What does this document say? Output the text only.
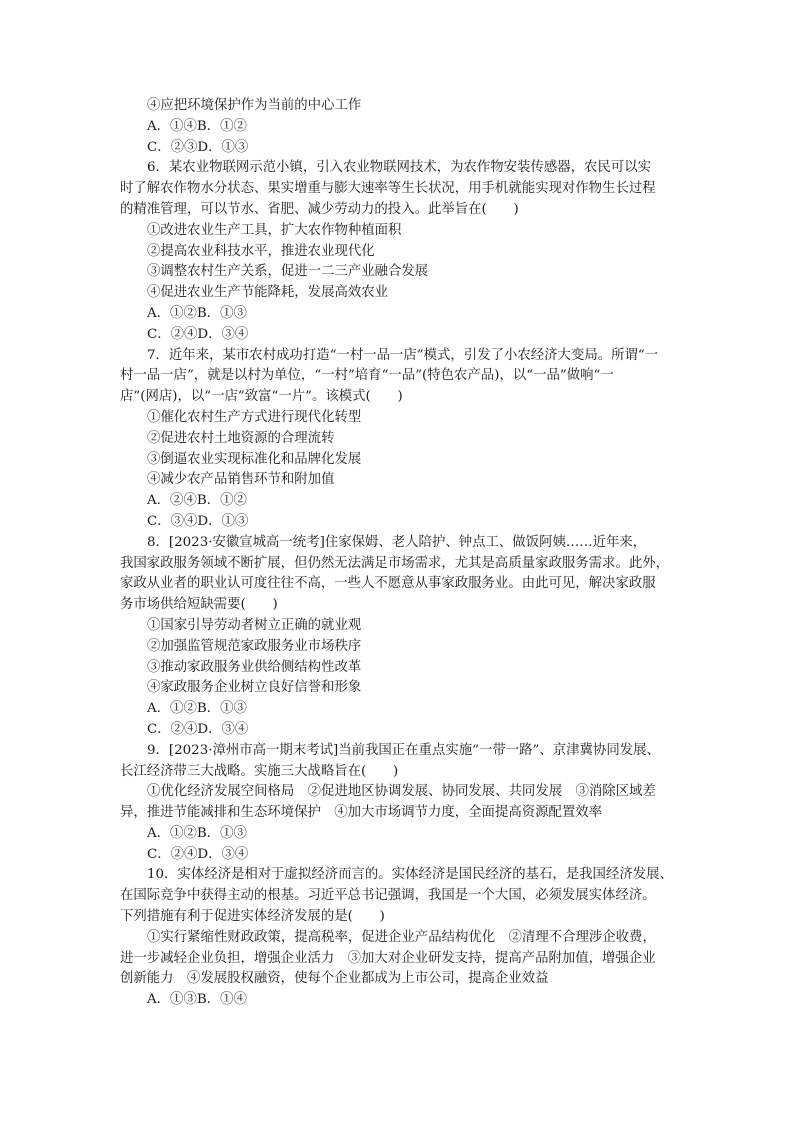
④应把环境保护作为当前的中心工作
A．①④B．①②
C．②③D．①③
6．某农业物联网示范小镇，引入农业物联网技术，为农作物安装传感器，农民可以实
时了解农作物水分状态、果实增重与膨大速率等生长状况，用手机就能实现对作物生长过程
的精准管理，可以节水、省肥、减少劳动力的投入。此举旨在(　　)
①改进农业生产工具，扩大农作物种植面积
②提高农业科技水平，推进农业现代化
③调整农村生产关系，促进一二三产业融合发展
④促进农业生产节能降耗，发展高效农业
A．①②B．①③
C．②④D．③④
7．近年来，某市农村成功打造“一村一品一店”模式，引发了小农经济大变局。所谓“一
村一品一店”，就是以村为单位，“一村”培育“一品”(特色农产品)，以“一品”做响“一
店”(网店)，以“一店”致富“一片”。该模式(　　)
①催化农村生产方式进行现代化转型
②促进农村土地资源的合理流转
③倒逼农业实现标准化和品牌化发展
④减少农产品销售环节和附加值
A．②④B．①②
C．③④D．①③
8．[2023·安徽宣城高一统考]住家保姆、老人陪护、钟点工、做饭阿姨……近年来，
我国家政服务领域不断扩展，但仍然无法满足市场需求，尤其是高质量家政服务需求。此外，
家政从业者的职业认可度往往不高，一些人不愿意从事家政服务业。由此可见，解决家政服
务市场供给短缺需要(　　)
①国家引导劳动者树立正确的就业观
②加强监管规范家政服务业市场秩序
③推动家政服务业供给侧结构性改革
④家政服务企业树立良好信誉和形象
A．①②B．①③
C．②④D．③④
9．[2023·漳州市高一期末考试]当前我国正在重点实施“一带一路”、京津冀协同发展、
长江经济带三大战略。实施三大战略旨在(　　)
①优化经济发展空间格局　②促进地区协调发展、协同发展、共同发展　③消除区域差
异，推进节能减排和生态环境保护　④加大市场调节力度，全面提高资源配置效率
A．①②B．①③
C．②④D．③④
10．实体经济是相对于虚拟经济而言的。实体经济是国民经济的基石，是我国经济发展、
在国际竞争中获得主动的根基。习近平总书记强调，我国是一个大国，必须发展实体经济。
下列措施有利于促进实体经济发展的是(　　)
①实行紧缩性财政政策，提高税率，促进企业产品结构优化　②清理不合理涉企收费，
进一步减轻企业负担，增强企业活力　③加大对企业研发支持，提高产品附加值，增强企业
创新能力　④发展股权融资，使每个企业都成为上市公司，提高企业效益
A．①③B．①④
